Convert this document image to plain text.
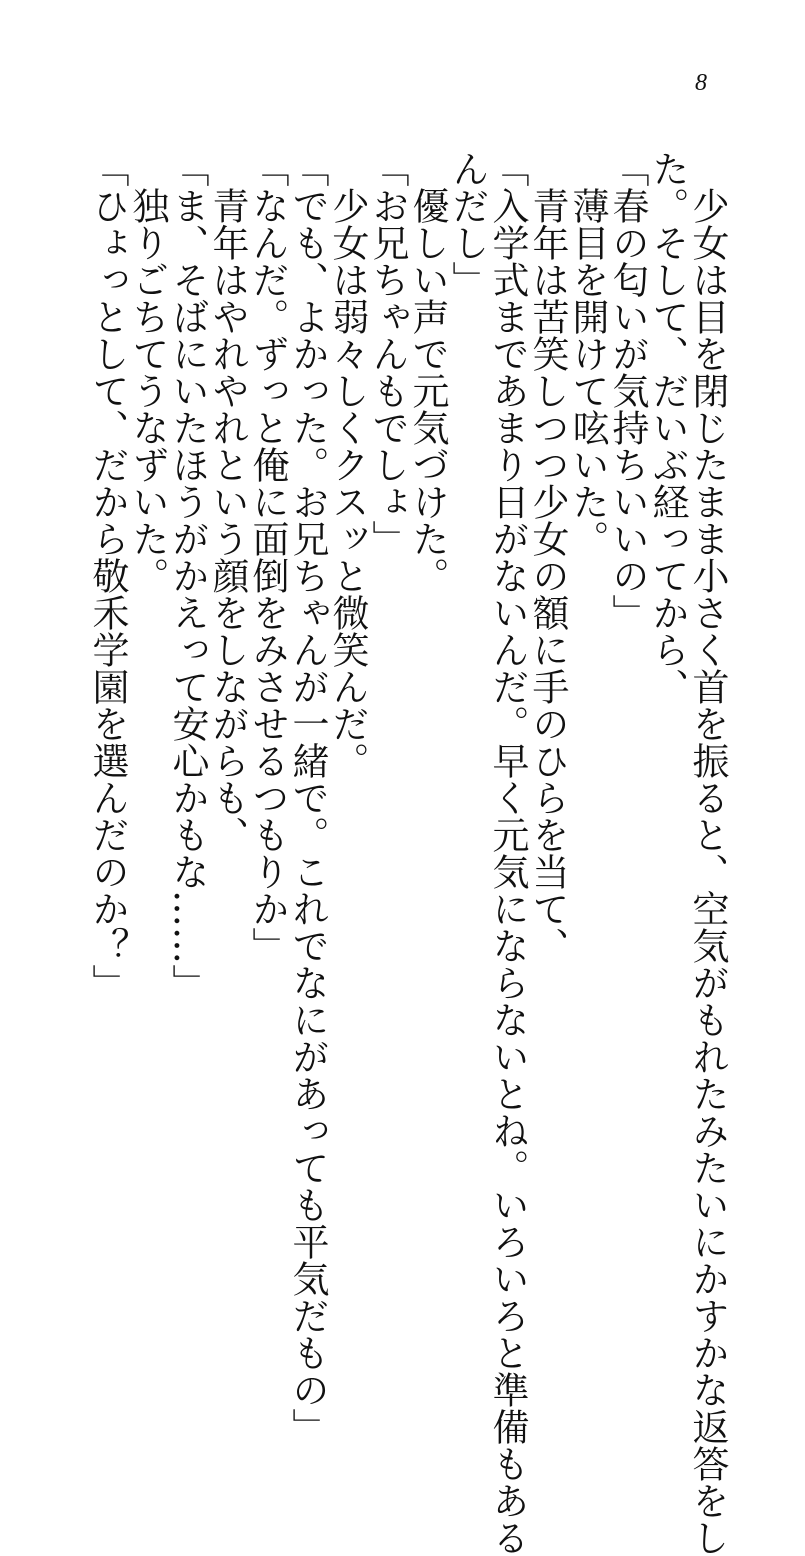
8
　少女は目を閉じたまま小さく首を振ると、空気がもれたみたいにかすかな返答をし
た。そして、だいぶ経ってから、
「春の匂いが気持ちいいの」
　薄目を開けて呟いた。
　青年は苦笑しつつ少女の額に手のひらを当て、
「入学式まであまり日がないんだ。早く元気にならないとね。いろいろと準備もある
んだし」
　優しい声で元気づけた。
「お兄ちゃんもでしょ」
　少女は弱々しくクスッと微笑んだ。
「でも、よかった。お兄ちゃんが一緒で。これでなにがあっても平気だもの」
「なんだ。ずっと俺に面倒をみさせるつもりか」
　青年はやれやれという顔をしながらも、
「ま、そばにいたほうがかえって安心かもな……」
　独りごちてうなずいた。
「ひょっとして、だから敬禾学園を選んだのか？」
